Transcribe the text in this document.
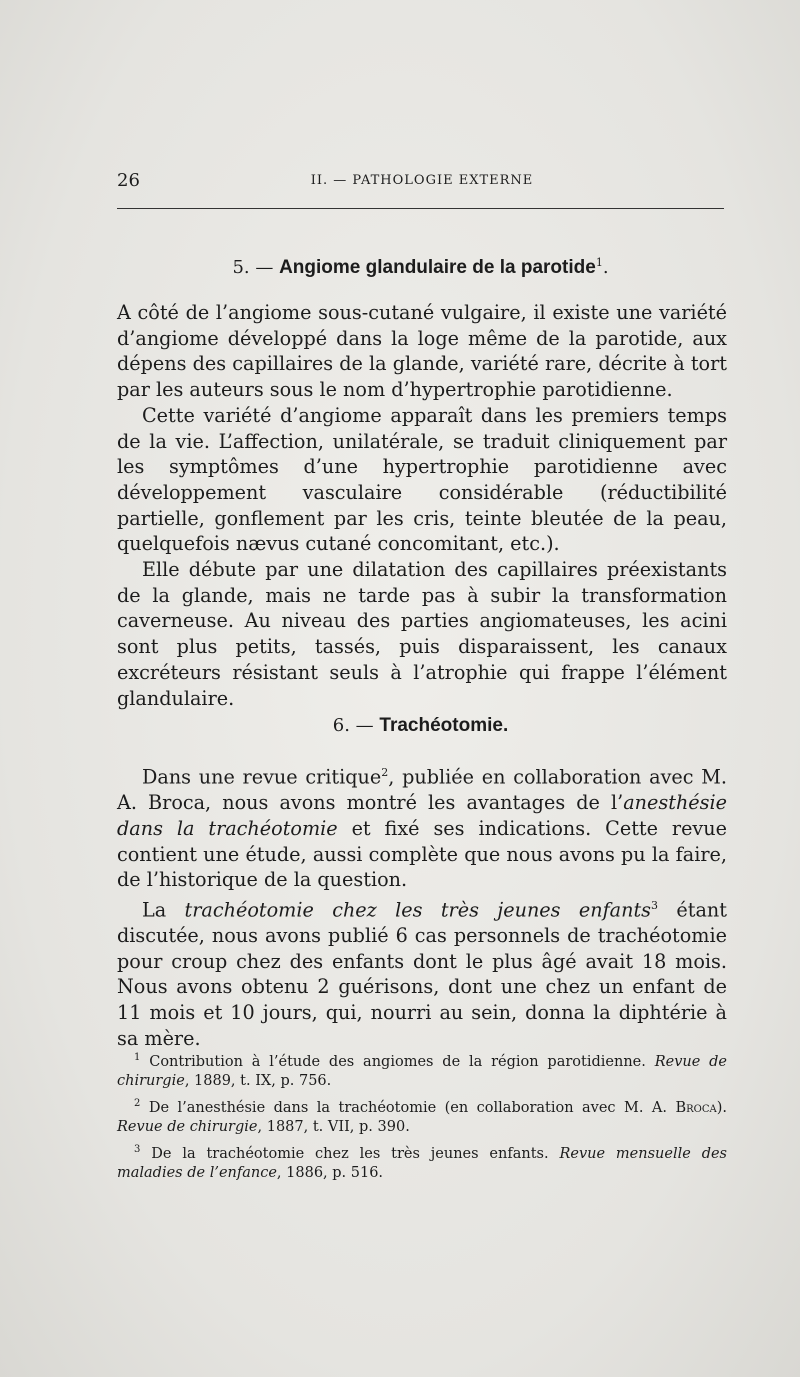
26	II. — PATHOLOGIE EXTERNE
5. — Angiome glandulaire de la parotide$^1$.

A côté de l’angiome sous-cutané vulgaire, il existe une variété d’angiome développé dans la loge même de la parotide, aux dépens des capillaires de la glande, variété rare, décrite à tort par les auteurs sous le nom d’hypertrophie parotidienne.

Cette variété d’angiome apparaît dans les premiers temps de la vie. L’affection, unilatérale, se traduit cliniquement par les symptômes d’une hypertrophie parotidienne avec développement vasculaire considérable (réductibilité partielle, gonflement par les cris, teinte bleutée de la peau, quelquefois nævus cutané concomitant, etc.).

Elle débute par une dilatation des capillaires préexistants de la glande, mais ne tarde pas à subir la transformation caverneuse. Au niveau des parties angiomateuses, les acini sont plus petits, tassés, puis disparaissent, les canaux excréteurs résistant seuls à l’atrophie qui frappe l’élément glandulaire.

6. — Trachéotomie.

Dans une revue critique$^2$, publiée en collaboration avec M. A. Broca, nous avons montré les avantages de l’anesthésie dans la trachéotomie et fixé ses indications. Cette revue contient une étude, aussi complète que nous avons pu la faire, de l’historique de la question.

La trachéotomie chez les très jeunes enfants$^3$ étant discutée, nous avons publié 6 cas personnels de trachéotomie pour croup chez des enfants dont le plus âgé avait 18 mois. Nous avons obtenu 2 guérisons, dont une chez un enfant de 11 mois et 10 jours, qui, nourri au sein, donna la diphtérie à sa mère.

$^1$ Contribution à l’étude des angiomes de la région parotidienne. Revue de chirurgie, 1889, t. IX, p. 756.

$^2$ De l’anesthésie dans la trachéotomie (en collaboration avec M. A. Broca). Revue de chirurgie, 1887, t. VII, p. 390.

$^3$ De la trachéotomie chez les très jeunes enfants. Revue mensuelle des maladies de l’enfance, 1886, p. 516.
